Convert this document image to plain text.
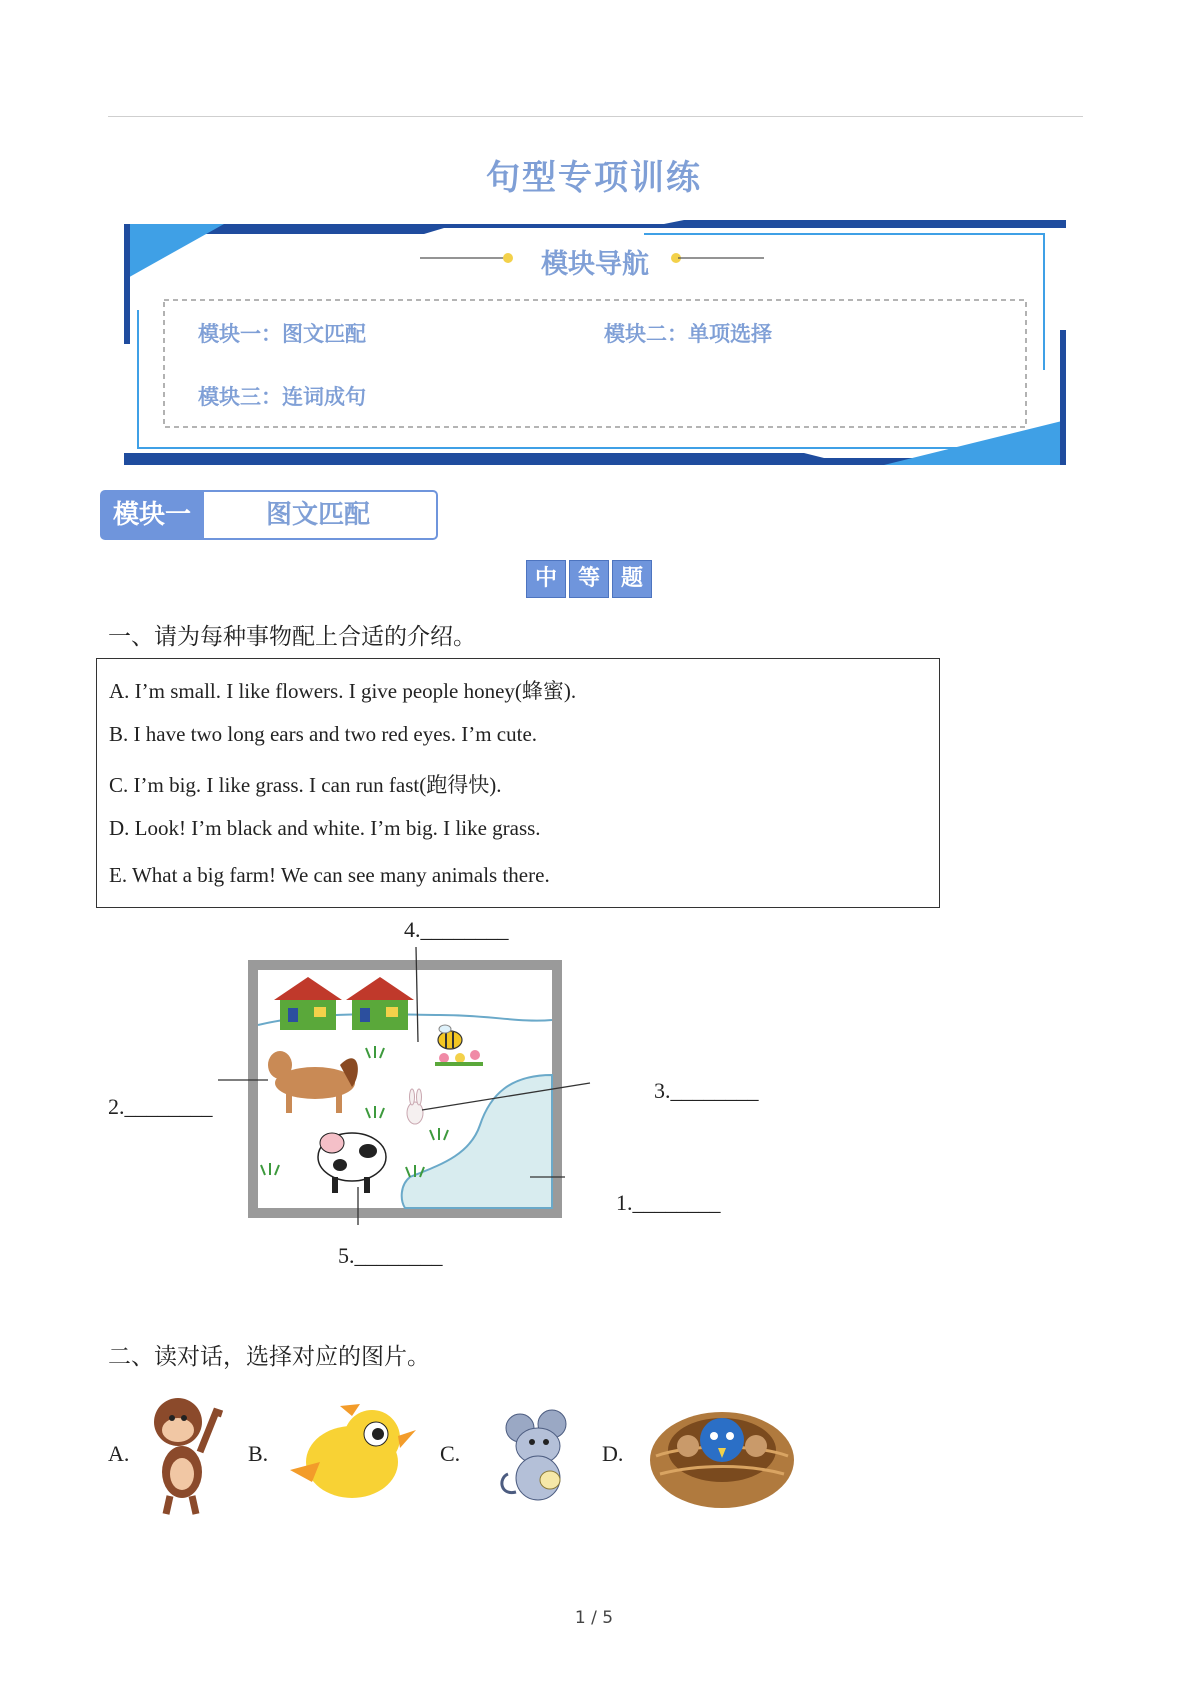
句型专项训练
模块导航
模块一：图文匹配	模块二：单项选择
模块三：连词成句
模块一	图文匹配
中 等 题
一、请为每种事物配上合适的介绍。
A. I’m small. I like flowers. I give people honey(蜂蜜).
B. I have two long ears and two red eyes. I’m cute.
C. I’m big. I like grass. I can run fast(跑得快).
D. Look! I’m black and white. I’m big. I like grass.
E. What a big farm! We can see many animals there.
4.________
2.________
3.________
1.________
5.________
二、读对话，选择对应的图片。
A.	B.	C.	D.
1 / 5
